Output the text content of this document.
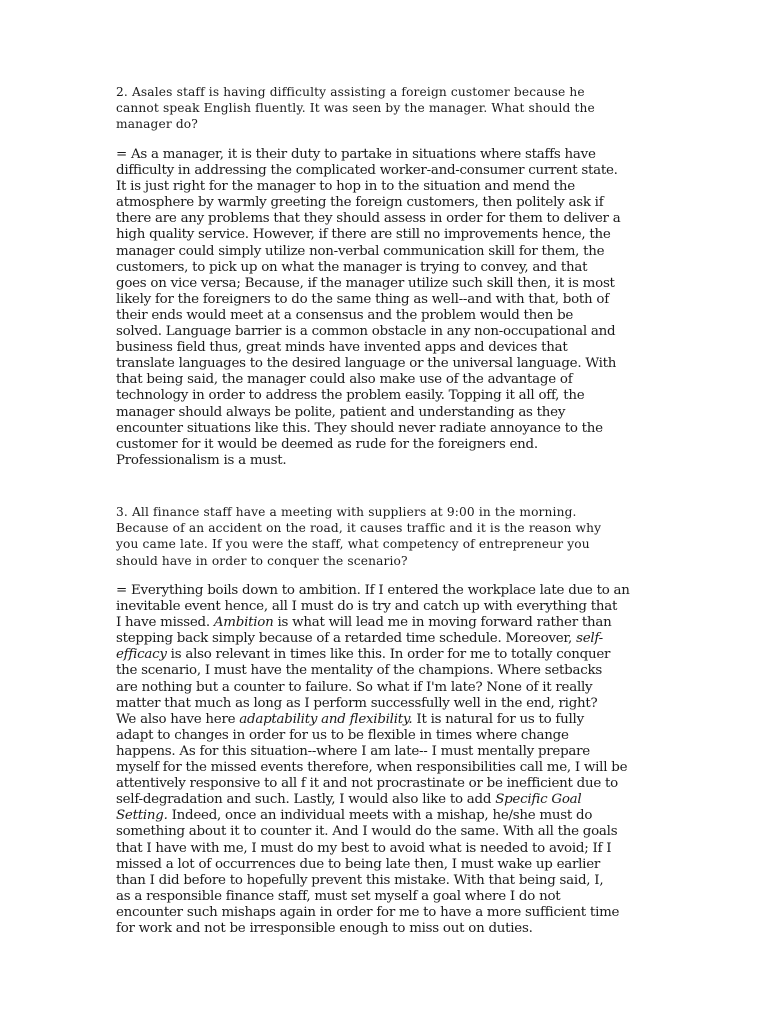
2. Asales staff is having difficulty assisting a foreign customer because he
cannot speak English fluently. It was seen by the manager. What should the
manager do?
= As a manager, it is their duty to partake in situations where staffs have
difficulty in addressing the complicated worker-and-consumer current state.
It is just right for the manager to hop in to the situation and mend the
atmosphere by warmly greeting the foreign customers, then politely ask if
there are any problems that they should assess in order for them to deliver a
high quality service. However, if there are still no improvements hence, the
manager could simply utilize non-verbal communication skill for them, the
customers, to pick up on what the manager is trying to convey, and that
goes on vice versa; Because, if the manager utilize such skill then, it is most
likely for the foreigners to do the same thing as well--and with that, both of
their ends would meet at a consensus and the problem would then be
solved. Language barrier is a common obstacle in any non-occupational and
business field thus, great minds have invented apps and devices that
translate languages to the desired language or the universal language. With
that being said, the manager could also make use of the advantage of
technology in order to address the problem easily. Topping it all off, the
manager should always be polite, patient and understanding as they
encounter situations like this. They should never radiate annoyance to the
customer for it would be deemed as rude for the foreigners end.
Professionalism is a must.
3. All finance staff have a meeting with suppliers at 9:00 in the morning.
Because of an accident on the road, it causes traffic and it is the reason why
you came late. If you were the staff, what competency of entrepreneur you
should have in order to conquer the scenario?
= Everything boils down to ambition. If I entered the workplace late due to an
inevitable event hence, all I must do is try and catch up with everything that
I have missed. Ambition is what will lead me in moving forward rather than
stepping back simply because of a retarded time schedule. Moreover, self-
efficacy is also relevant in times like this. In order for me to totally conquer
the scenario, I must have the mentality of the champions. Where setbacks
are nothing but a counter to failure. So what if I'm late? None of it really
matter that much as long as I perform successfully well in the end, right?
We also have here adaptability and flexibility. It is natural for us to fully
adapt to changes in order for us to be flexible in times where change
happens. As for this situation--where I am late-- I must mentally prepare
myself for the missed events therefore, when responsibilities call me, I will be
attentively responsive to all f it and not procrastinate or be inefficient due to
self-degradation and such. Lastly, I would also like to add Specific Goal
Setting. Indeed, once an individual meets with a mishap, he/she must do
something about it to counter it. And I would do the same. With all the goals
that I have with me, I must do my best to avoid what is needed to avoid; If I
missed a lot of occurrences due to being late then, I must wake up earlier
than I did before to hopefully prevent this mistake. With that being said, I,
as a responsible finance staff, must set myself a goal where I do not
encounter such mishaps again in order for me to have a more sufficient time
for work and not be irresponsible enough to miss out on duties.
